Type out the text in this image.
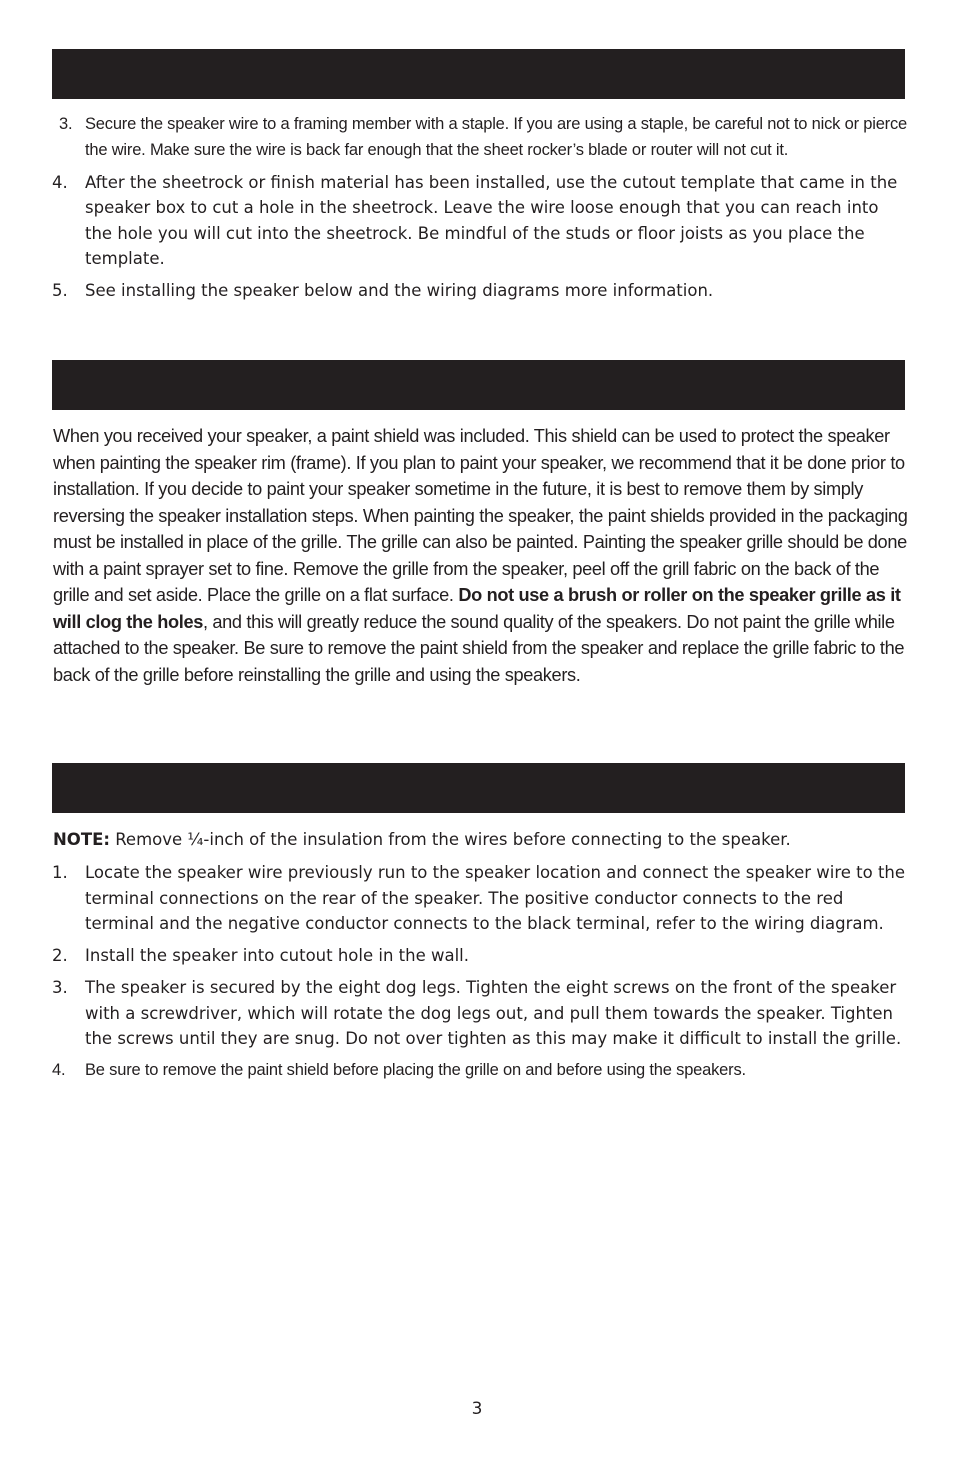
3. Secure the speaker wire to a framing member with a staple. If you are using a staple, be careful not to nick or pierce the wire. Make sure the wire is back far enough that the sheet rocker’s blade or router will not cut it.
4. After the sheetrock or finish material has been installed, use the cutout template that came in the speaker box to cut a hole in the sheetrock. Leave the wire loose enough that you can reach into the hole you will cut into the sheetrock. Be mindful of the studs or floor joists as you place the template.
5. See installing the speaker below and the wiring diagrams more information.

When you received your speaker, a paint shield was included. This shield can be used to protect the speaker when painting the speaker rim (frame). If you plan to paint your speaker, we recommend that it be done prior to installation. If you decide to paint your speaker sometime in the future, it is best to remove them by simply reversing the speaker installation steps. When painting the speaker, the paint shields provided in the packaging must be installed in place of the grille. The grille can also be painted. Painting the speaker grille should be done with a paint sprayer set to fine. Remove the grille from the speaker, peel off the grill fabric on the back of the grille and set aside. Place the grille on a flat surface. Do not use a brush or roller on the speaker grille as it will clog the holes, and this will greatly reduce the sound quality of the speakers. Do not paint the grille while attached to the speaker. Be sure to remove the paint shield from the speaker and replace the grille fabric to the back of the grille before reinstalling the grille and using the speakers.

NOTE: Remove ¼-inch of the insulation from the wires before connecting to the speaker.

1. Locate the speaker wire previously run to the speaker location and connect the speaker wire to the terminal connections on the rear of the speaker. The positive conductor connects to the red terminal and the negative conductor connects to the black terminal, refer to the wiring diagram.
2. Install the speaker into cutout hole in the wall.
3. The speaker is secured by the eight dog legs. Tighten the eight screws on the front of the speaker with a screwdriver, which will rotate the dog legs out, and pull them towards the speaker. Tighten the screws until they are snug. Do not over tighten as this may make it difficult to install the grille.
4. Be sure to remove the paint shield before placing the grille on and before using the speakers.
3
